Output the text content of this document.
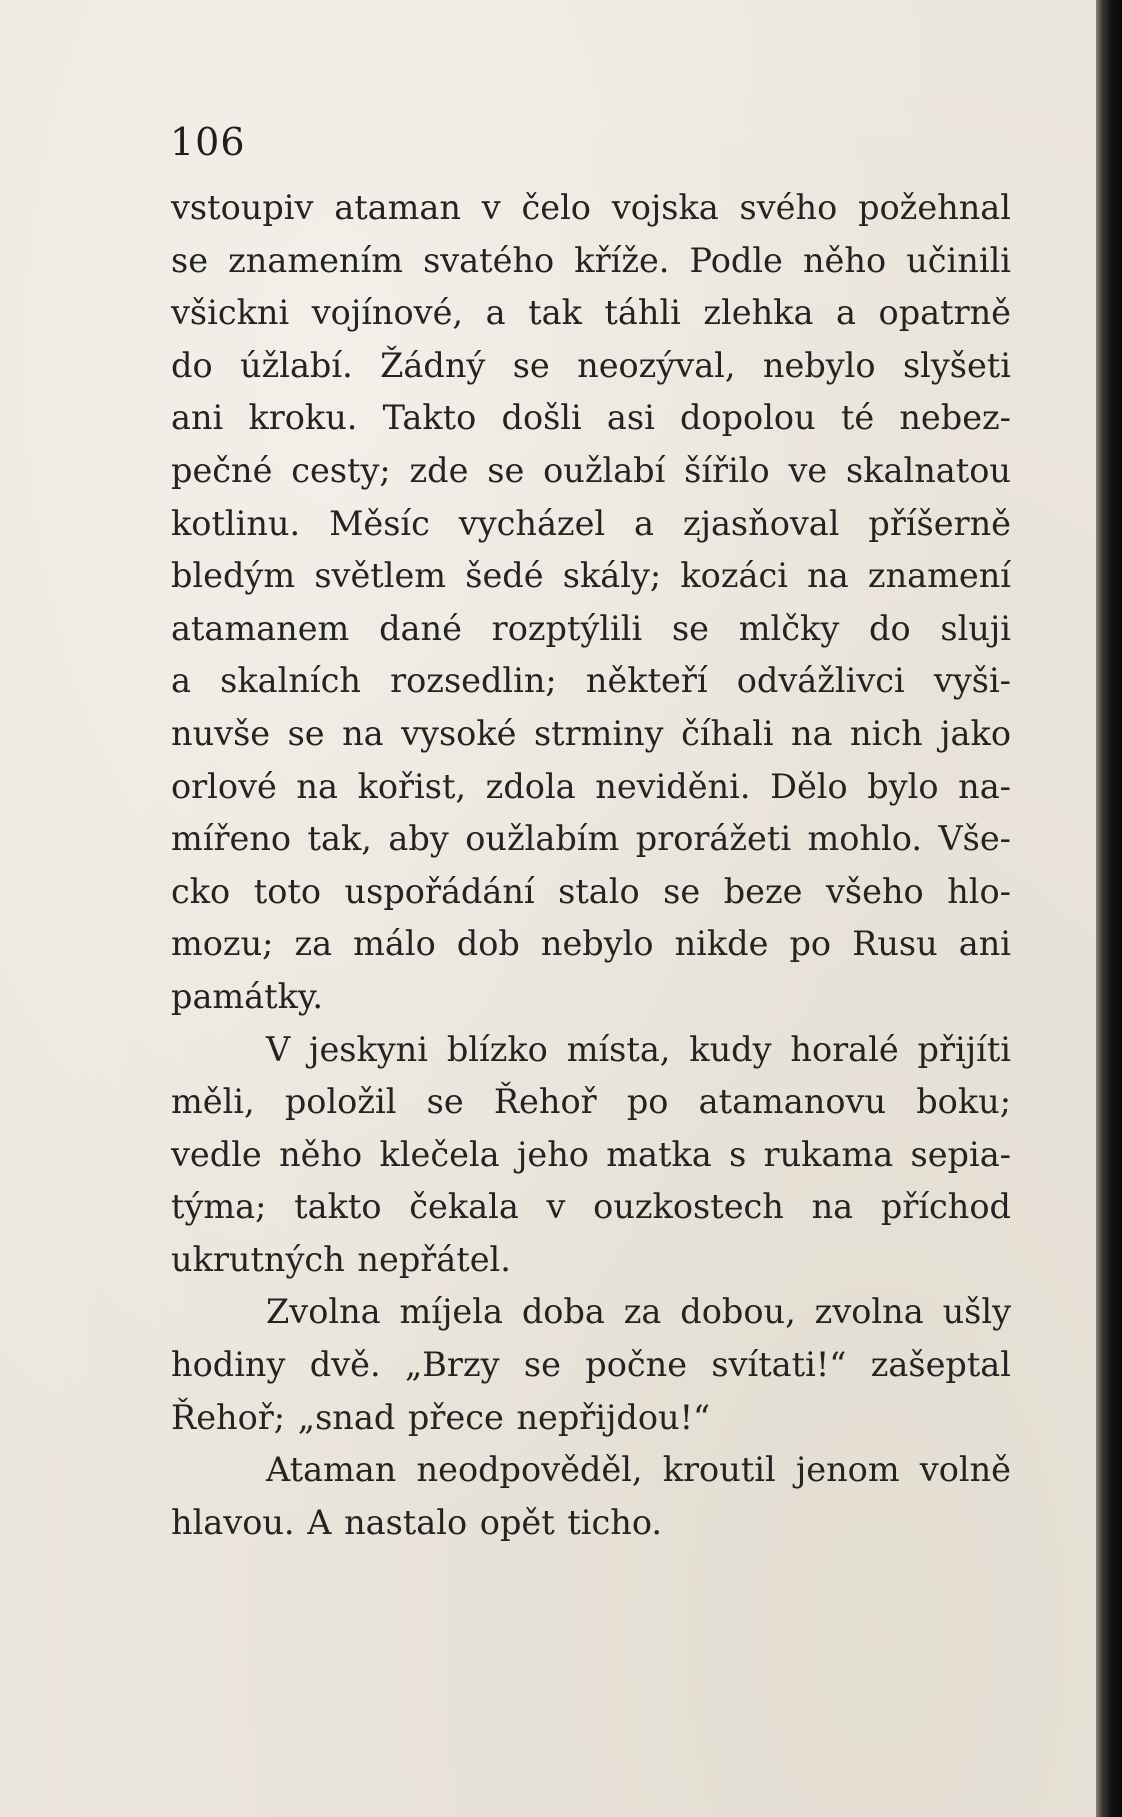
106
vstoupiv ataman v čelo vojska svého požehnal
se znamením svatého kříže. Podle něho učinili
všickni vojínové, a tak táhli zlehka a opatrně
do úžlabí. Žádný se neozýval, nebylo slyšeti
ani kroku. Takto došli asi dopolou té nebez-
pečné cesty; zde se oužlabí šířilo ve skalnatou
kotlinu. Měsíc vycházel a zjasňoval příšerně
bledým světlem šedé skály; kozáci na znamení
atamanem dané rozptýlili se mlčky do sluji
a skalních rozsedlin; někteří odvážlivci vyši-
nuvše se na vysoké strminy číhali na nich jako
orlové na kořist, zdola neviděni. Dělo bylo na-
mířeno tak, aby oužlabím prorážeti mohlo. Vše-
cko toto uspořádání stalo se beze všeho hlo-
mozu; za málo dob nebylo nikde po Rusu ani
památky.
V jeskyni blízko místa, kudy horalé přijíti
měli, položil se Řehoř po atamanovu boku;
vedle něho klečela jeho matka s rukama sepia-
týma; takto čekala v ouzkostech na příchod
ukrutných nepřátel.
Zvolna míjela doba za dobou, zvolna ušly
hodiny dvě. „Brzy se počne svítati!“ zašeptal
Řehoř; „snad přece nepřijdou!“
Ataman neodpověděl, kroutil jenom volně
hlavou. A nastalo opět ticho.
